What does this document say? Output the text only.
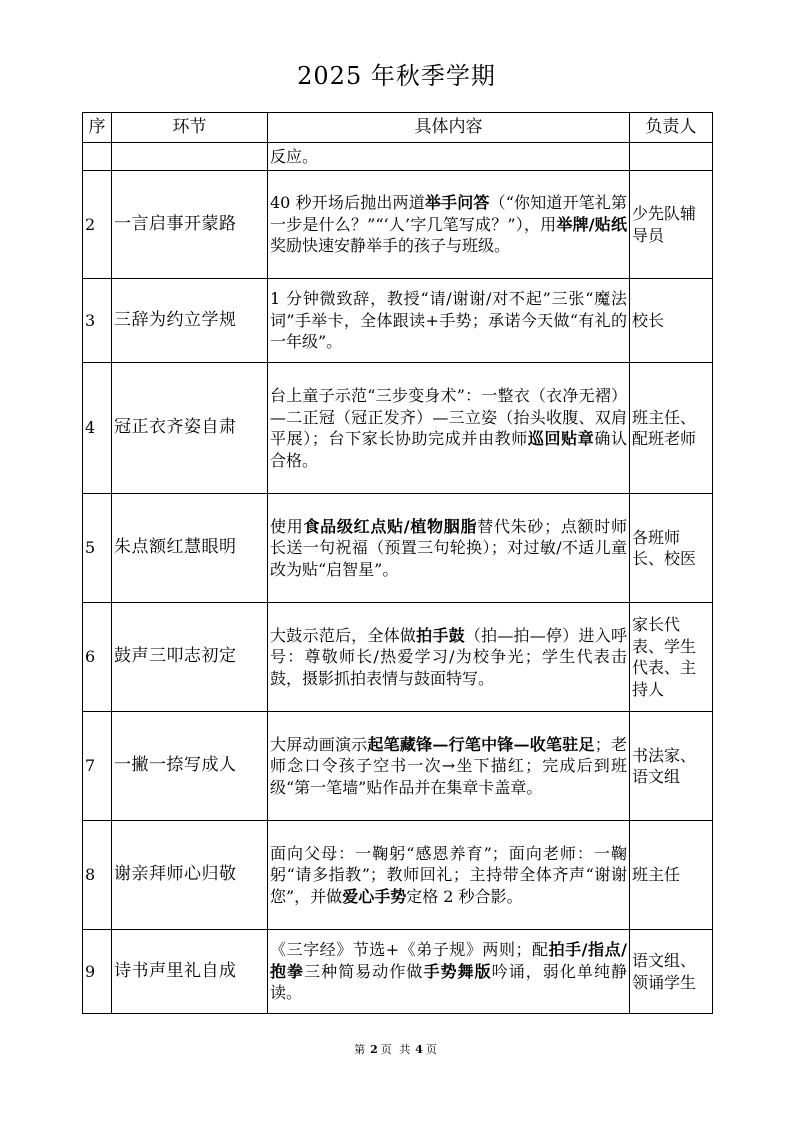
2025 年秋季学期
序	环节	具体内容	负责人
		反应。	
2	一言启事开蒙路	40 秒开场后抛出两道举手问答（“你知道开笔礼第一步是什么？”“‘人’字几笔写成？”），用举牌/贴纸奖励快速安静举手的孩子与班级。	少先队辅导员
3	三辞为约立学规	1 分钟微致辞，教授“请/谢谢/对不起”三张“魔法词”手举卡，全体跟读+手势；承诺今天做“有礼的一年级”。	校长
4	冠正衣齐姿自肃	台上童子示范“三步变身术”：一整衣（衣净无褶）—二正冠（冠正发齐）—三立姿（抬头收腹、双肩平展）；台下家长协助完成并由教师巡回贴章确认合格。	班主任、配班老师
5	朱点额红慧眼明	使用食品级红点贴/植物胭脂替代朱砂；点额时师长送一句祝福（预置三句轮换）；对过敏/不适儿童改为贴“启智星”。	各班师长、校医
6	鼓声三叩志初定	大鼓示范后，全体做拍手鼓（拍—拍—停）进入呼号：尊敬师长/热爱学习/为校争光；学生代表击鼓，摄影抓拍表情与鼓面特写。	家长代表、学生代表、主持人
7	一撇一捺写成人	大屏动画演示起笔藏锋—行笔中锋—收笔驻足；老师念口令孩子空书一次→坐下描红；完成后到班级“第一笔墙”贴作品并在集章卡盖章。	书法家、语文组
8	谢亲拜师心归敬	面向父母：一鞠躬“感恩养育”；面向老师：一鞠躬“请多指教”；教师回礼；主持带全体齐声“谢谢您”，并做爱心手势定格 2 秒合影。	班主任
9	诗书声里礼自成	《三字经》节选+《弟子规》两则；配拍手/指点/抱拳三种简易动作做手势舞版吟诵，弱化单纯静读。	语文组、领诵学生
第 2 页 共 4 页
